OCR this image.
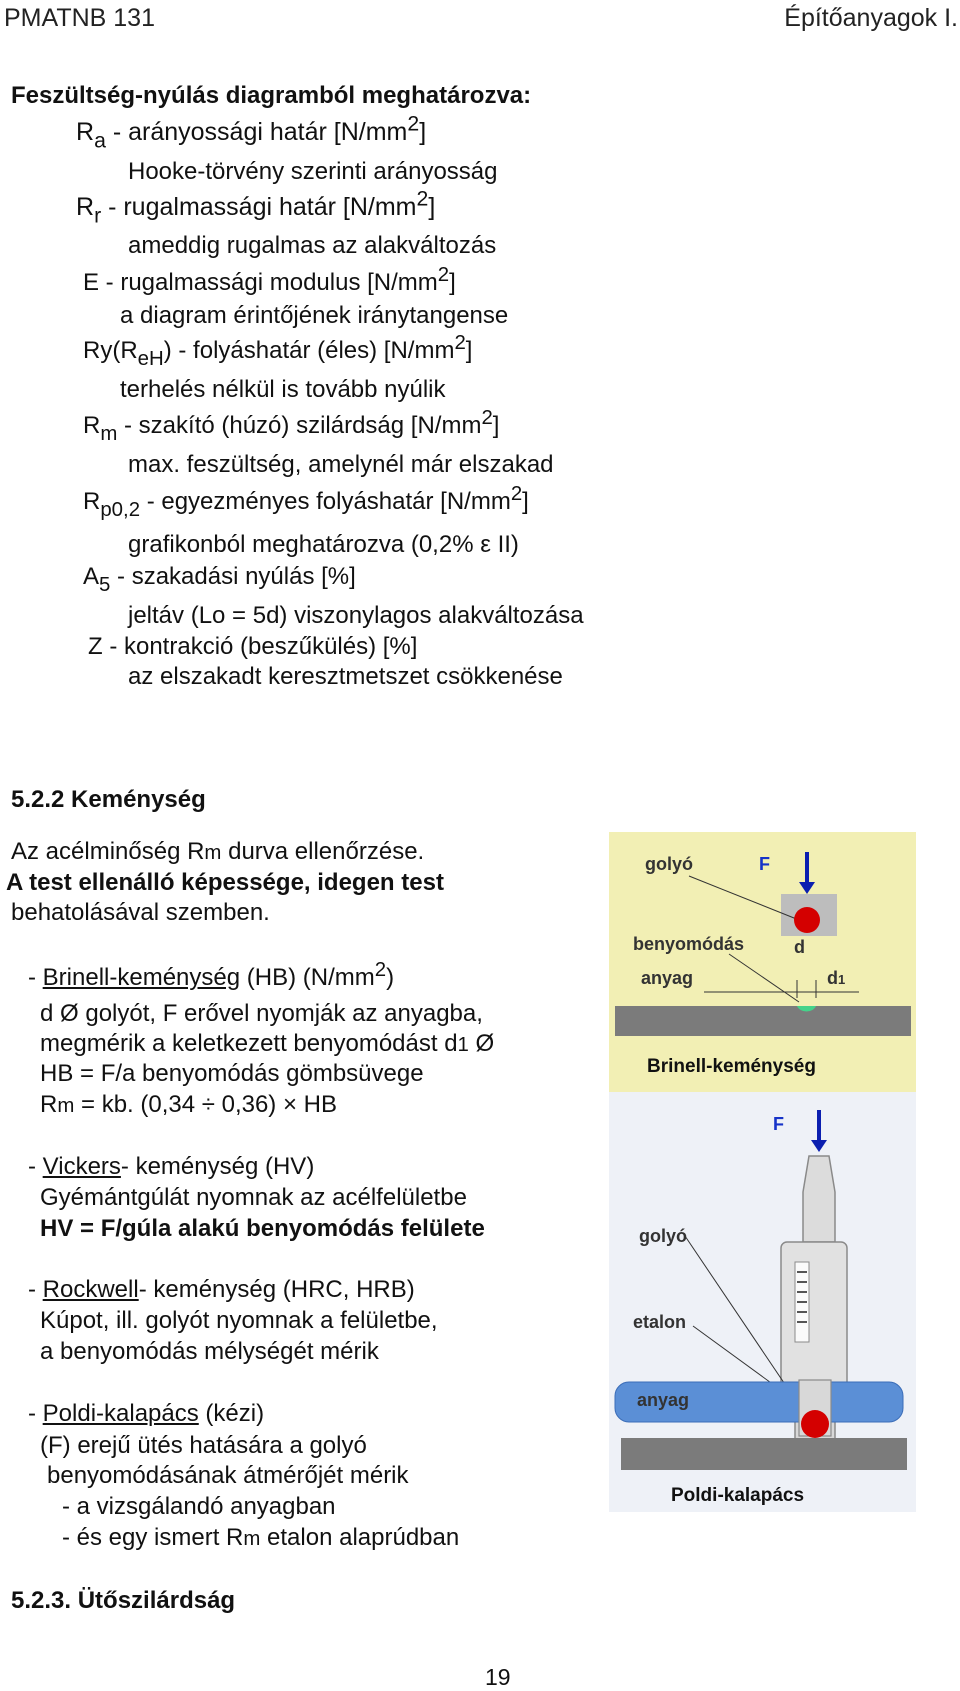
PMATNB 131	Építőanyagok I.
Feszültség-nyúlás diagramból meghatározva:
$R_a$ - arányossági határ $[N/mm^2]$
Hooke-törvény szerinti arányosság
$R_r$ - rugalmassági határ $[N/mm^2]$
ameddig rugalmas az alakváltozás
E - rugalmassági modulus $[N/mm^2]$
a diagram érintőjének iránytangense
$Ry(R_{eH})$ - folyáshatár (éles) $[N/mm^2]$
terhelés nélkül is tovább nyúlik
$R_m$ - szakító (húzó) szilárdság $[N/mm^2]$
max. feszültség, amelynél már elszakad
$R_{p0,2}$ - egyezményes folyáshatár $[N/mm^2]$
grafikonból meghatározva (0,2% ε II)
$A_5$ - szakadási nyúlás [%]
jeltáv (Lo = 5d) viszonylagos alakváltozása
Z - kontrakció (beszűkülés) [%]
az elszakadt keresztmetszet csökkenése
5.2.2 Keménység
Az acélminőség Rm durva ellenőrzése.
A test ellenálló képessége, idegen test
behatolásával szemben.
- Brinell-keménység (HB) $(N/mm^2)$
d Ø golyót, F erővel nyomják az anyagba,
megmérik a keletkezett benyomódást d1 Ø
HB = F/a benyomódás gömbsüvege
Rm = kb. (0,34 ÷ 0,36) × HB
- Vickers- keménység (HV)
Gyémántgúlát nyomnak az acélfelületbe
HV = F/gúla alakú benyomódás felülete
- Rockwell- keménység (HRC, HRB)
Kúpot, ill. golyót nyomnak a felületbe,
a benyomódás mélységét mérik
- Poldi-kalapács (kézi)
(F) erejű ütés hatására a golyó
benyomódásának átmérőjét mérik
- a vizsgálandó anyagban
- és egy ismert Rm etalon alaprúdban
5.2.3. Ütőszilárdság
19
golyó	F
benyomódás	d
anyag	d1
Brinell-keménység
F
golyó
etalon
anyag
Poldi-kalapács
